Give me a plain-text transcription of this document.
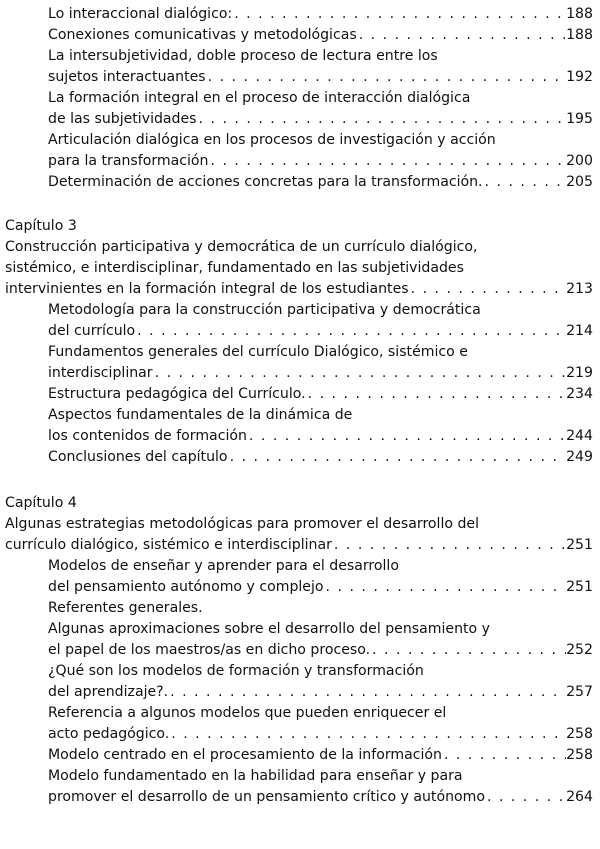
Lo interaccional dialógico: . . .	188
Conexiones comunicativas y metodológicas . . .	188
La intersubjetividad, doble proceso de lectura entre los
sujetos interactuantes . . .	192
La formación integral en el proceso de interacción dialógica
de las subjetividades . . .	195
Articulación dialógica en los procesos de investigación y acción
para la transformación . . .	200
Determinación de acciones concretas para la transformación. . . .	205
Capítulo 3
Construcción participativa y democrática de un currículo dialógico,
sistémico, e interdisciplinar, fundamentado en las subjetividades
intervinientes en la formación integral de los estudiantes . . .	213
Metodología para la construcción participativa y democrática
del currículo . . .	214
Fundamentos generales del currículo Dialógico, sistémico e
interdisciplinar . . .	219
Estructura pedagógica del Currículo. . . .	234
Aspectos fundamentales de la dinámica de
los contenidos de formación . . .	244
Conclusiones del capítulo . . .	249
Capítulo 4
Algunas estrategias metodológicas para promover el desarrollo del
currículo dialógico, sistémico e interdisciplinar . . .	251
Modelos de enseñar y aprender para el desarrollo
del pensamiento autónomo y complejo . . .	251
Referentes generales.
Algunas aproximaciones sobre el desarrollo del pensamiento y
el papel de los maestros/as en dicho proceso. . . .	252
¿Qué son los modelos de formación y transformación
del aprendizaje?. . . .	257
Referencia a algunos modelos que pueden enriquecer el
acto pedagógico. . . .	258
Modelo centrado en el procesamiento de la información . . .	258
Modelo fundamentado en la habilidad para enseñar y para
promover el desarrollo de un pensamiento crítico y autónomo . . .	264
